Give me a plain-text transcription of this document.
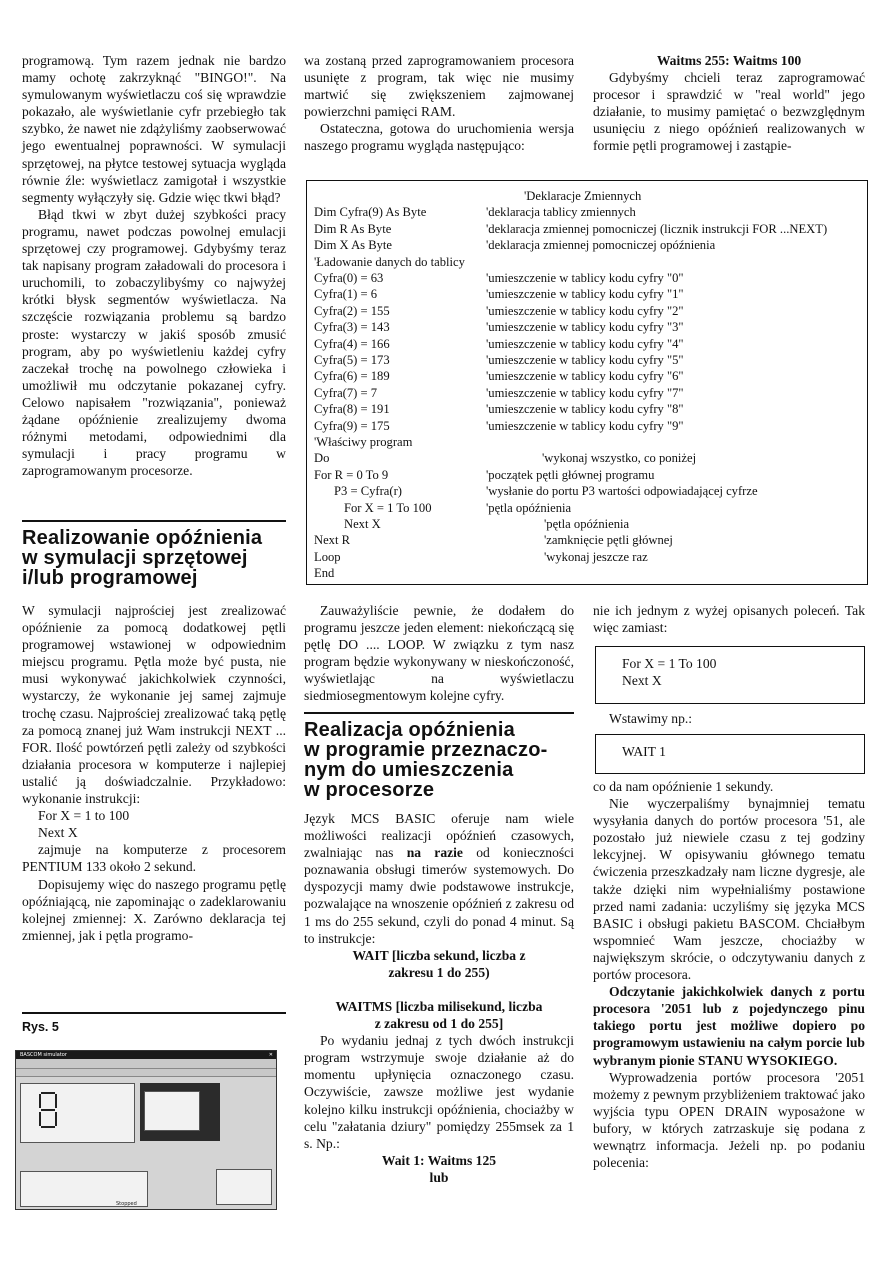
programową. Tym razem jednak nie bardzo mamy ochotę zakrzyknąć "BINGO!". Na symulowanym wyświetlaczu coś się wprawdzie pokazało, ale wyświetlanie cyfr przebiegło tak szybko, że nawet nie zdążyliśmy zaobserwować jego ewentualnej poprawności. W symulacji sprzętowej, na płytce testowej sytuacja wygląda równie źle: wyświetlacz zamigotał i wszystkie segmenty wyłączyły się. Gdzie więc tkwi błąd?

Błąd tkwi w zbyt dużej szybkości pracy programu, nawet podczas powolnej emulacji sprzętowej czy programowej. Gdybyśmy teraz tak napisany program załadowali do procesora i uruchomili, to zobaczylibyśmy co najwyżej krótki błysk segmentów wyświetlacza. Na szczęście rozwiązania problemu są bardzo proste: wystarczy w jakiś sposób zmusić program, aby po wyświetleniu każdej cyfry zaczekał trochę na powolnego człowieka i umożliwił mu odczytanie pokazanej cyfry. Celowo napisałem "rozwiązania", ponieważ żądane opóźnienie zrealizujemy dwoma różnymi metodami, odpowiednimi dla symulacji i pracy programu w zaprogramowanym procesorze.

Realizowanie opóźnienia
w symulacji sprzętowej
i/lub programowej

wa zostaną przed zaprogramowaniem procesora usunięte z program, tak więc nie musimy martwić się zwiększeniem zajmowanej powierzchni pamięci RAM.

Ostateczna, gotowa do uruchomienia wersja naszego programu wygląda następująco:

Waitms 255: Waitms 100

Gdybyśmy chcieli teraz zaprogramować procesor i sprawdzić w "real world" jego działanie, to musimy pamiętać o bezwzględnym usunięciu z niego opóźnień realizowanych w formie pętli programowej i zastąpie-

'Deklaracje Zmiennych
Dim Cyfra(9) As Byte	'deklaracja tablicy zmiennych
Dim R As Byte	'deklaracja zmiennej pomocniczej (licznik instrukcji FOR ...NEXT)
Dim X As Byte	'deklaracja zmiennej pomocniczej opóźnienia
'Ładowanie danych do tablicy
Cyfra(0) = 63	'umieszczenie w tablicy kodu cyfry "0"
Cyfra(1) = 6	'umieszczenie w tablicy kodu cyfry "1"
Cyfra(2) = 155	'umieszczenie w tablicy kodu cyfry "2"
Cyfra(3) = 143	'umieszczenie w tablicy kodu cyfry "3"
Cyfra(4) = 166	'umieszczenie w tablicy kodu cyfry "4"
Cyfra(5) = 173	'umieszczenie w tablicy kodu cyfry "5"
Cyfra(6) = 189	'umieszczenie w tablicy kodu cyfry "6"
Cyfra(7) = 7	'umieszczenie w tablicy kodu cyfry "7"
Cyfra(8) = 191	'umieszczenie w tablicy kodu cyfry "8"
Cyfra(9) = 175	'umieszczenie w tablicy kodu cyfry "9"
'Właściwy program
Do	'wykonaj wszystko, co poniżej
For R = 0 To 9	'początek pętli głównej programu
P3 = Cyfra(r)	'wysłanie do portu P3 wartości odpowiadającej cyfrze
For X = 1 To 100	'pętla opóźnienia
Next X	'pętla opóźnienia
Next R	'zamknięcie pętli głównej
Loop	'wykonaj jeszcze raz
End

W symulacji najprościej jest zrealizować opóźnienie za pomocą dodatkowej pętli programowej wstawionej w odpowiednim miejscu programu. Pętla może być pusta, nie musi wykonywać jakichkolwiek czynności, wystarczy, że wykonanie jej samej zajmuje trochę czasu. Najprościej zrealizować taką pętlę za pomocą znanej już Wam instrukcji NEXT ... FOR. Ilość powtórzeń pętli zależy od szybkości działania procesora w komputerze i najlepiej ustalić ją doświadczalnie. Przykładowo: wykonanie instrukcji:

For X = 1 to 100

Next X

zajmuje na komputerze z procesorem PENTIUM 133 około 2 sekund.

Dopisujemy więc do naszego programu pętlę opóźniającą, nie zapominając o zadeklarowaniu kolejnej zmiennej: X. Zarówno deklaracja tej zmiennej, jak i pętla programo-

Rys. 5
BASCOM simulator	✕
Stopped

Zauważyliście pewnie, że dodałem do programu jeszcze jeden element: niekończącą się pętlę DO .... LOOP. W związku z tym nasz program będzie wykonywany w nieskończoność, wyświetlając na wyświetlaczu siedmiosegmentowym kolejne cyfry.

Realizacja opóźnienia
w programie przeznaczo-
nym do umieszczenia
w procesorze

Język MCS BASIC oferuje nam wiele możliwości realizacji opóźnień czasowych, zwalniając nas na razie od konieczności poznawania obsługi timerów systemowych. Do dyspozycji mamy dwie podstawowe instrukcje, pozwalające na wnoszenie opóźnień z zakresu od 1 ms do 255 sekund, czyli do ponad 4 minut. Są to instrukcje:

WAIT [liczba sekund, liczba z zakresu 1 do 255)

WAITMS [liczba milisekund, liczba z zakresu od 1 do 255]

Po wydaniu jednaj z tych dwóch instrukcji program wstrzymuje swoje działanie aż do momentu upłynięcia oznaczonego czasu. Oczywiście, zawsze możliwe jest wydanie kolejno kilku instrukcji opóźnienia, chociażby w celu "załatania dziury" pomiędzy 255msek za 1 s. Np.:

Wait 1: Waitms 125

lub

nie ich jednym z wyżej opisanych poleceń. Tak więc zamiast:

For X = 1 To 100
Next X

Wstawimy np.:

WAIT 1

co da nam opóźnienie 1 sekundy.

Nie wyczerpaliśmy bynajmniej tematu wysyłania danych do portów procesora '51, ale pozostało już niewiele czasu z tej godziny lekcyjnej. W opisywaniu głównego tematu ćwiczenia przeszkadzały nam liczne dygresje, ale także dzięki nim wypełnialiśmy postawione przed nami zadania: uczyliśmy się języka MCS BASIC i obsługi pakietu BASCOM. Chciałbym wspomnieć Wam jeszcze, chociażby w największym skrócie, o odczytywaniu danych z portów procesora.

Odczytanie jakichkolwiek danych z portu procesora '2051 lub z pojedynczego pinu takiego portu jest możliwe dopiero po programowym ustawieniu na całym porcie lub wybranym pionie STANU WYSOKIEGO.

Wyprowadzenia portów procesora '2051 możemy z pewnym przybliżeniem traktować jako wyjścia typu OPEN DRAIN wyposażone w bufory, w których zatrzaskuje się podana z wewnątrz informacja. Jeżeli np. po podaniu polecenia:
